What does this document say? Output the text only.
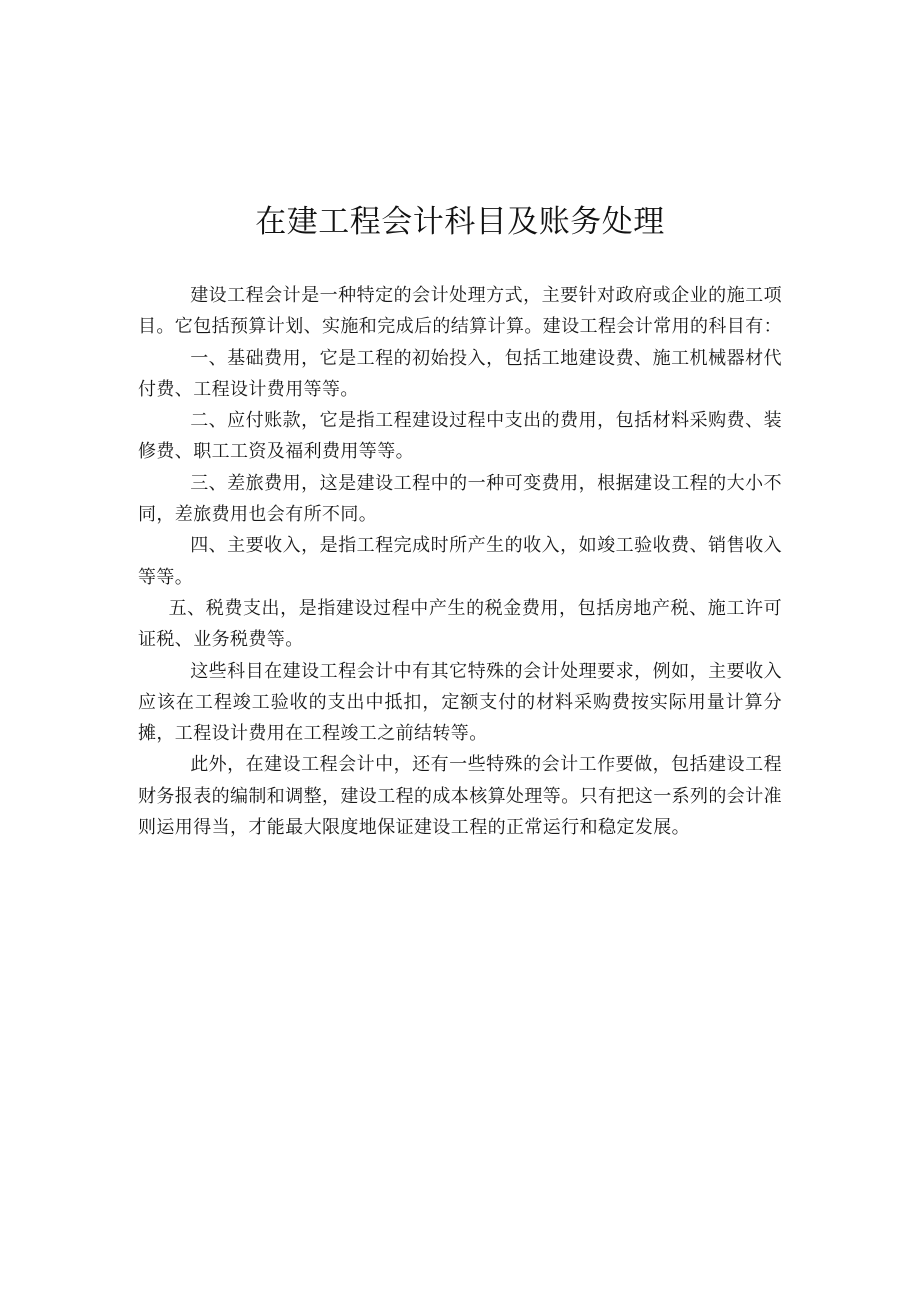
在建工程会计科目及账务处理

建设工程会计是一种特定的会计处理方式，主要针对政府或企业的施工项目。它包括预算计划、实施和完成后的结算计算。建设工程会计常用的科目有：

一、基础费用，它是工程的初始投入，包括工地建设费、施工机械器材代付费、工程设计费用等等。

二、应付账款，它是指工程建设过程中支出的费用，包括材料采购费、装修费、职工工资及福利费用等等。

三、差旅费用，这是建设工程中的一种可变费用，根据建设工程的大小不同，差旅费用也会有所不同。

四、主要收入，是指工程完成时所产生的收入，如竣工验收费、销售收入等等。

五、税费支出，是指建设过程中产生的税金费用，包括房地产税、施工许可证税、业务税费等。

这些科目在建设工程会计中有其它特殊的会计处理要求，例如，主要收入应该在工程竣工验收的支出中抵扣，定额支付的材料采购费按实际用量计算分摊，工程设计费用在工程竣工之前结转等。

此外，在建设工程会计中，还有一些特殊的会计工作要做，包括建设工程财务报表的编制和调整，建设工程的成本核算处理等。只有把这一系列的会计准则运用得当，才能最大限度地保证建设工程的正常运行和稳定发展。
